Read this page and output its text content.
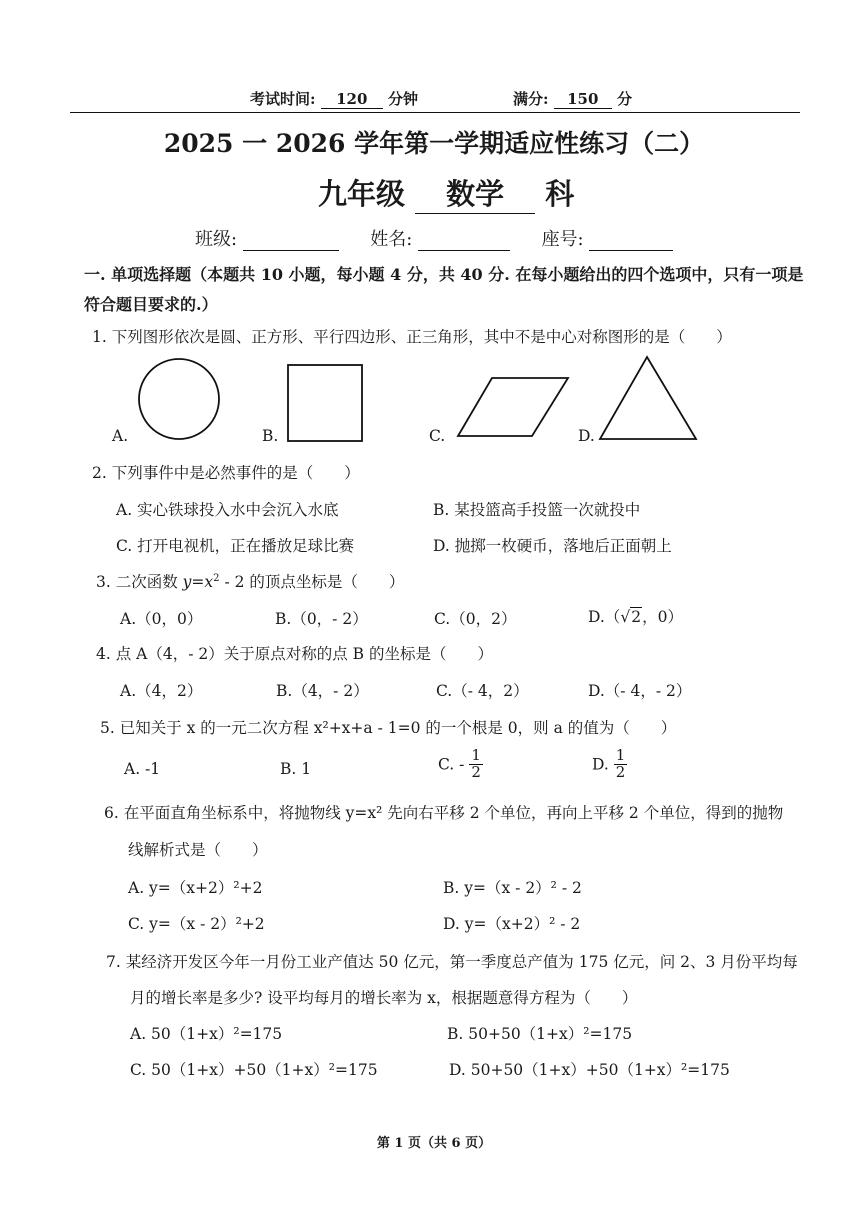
考试时间: 120 分钟	满分: 150 分
2025 一 2026 学年第一学期适应性练习（二）
九年级 数学 科
班级:	姓名:	座号:
一. 单项选择题（本题共 10 小题，每小题 4 分，共 40 分. 在每小题给出的四个选项中，只有一项是
符合题目要求的.）
1. 下列图形依次是圆、正方形、平行四边形、正三角形，其中不是中心对称图形的是（　　）
A.	B.	C.	D.
2. 下列事件中是必然事件的是（　　）
A. 实心铁球投入水中会沉入水底	B. 某投篮高手投篮一次就投中
C. 打开电视机，正在播放足球比赛	D. 抛掷一枚硬币，落地后正面朝上
3. 二次函数 $y=x^2 - 2$ 的顶点坐标是（　　）
A.（0，0）	B.（0，- 2）	C.（0，2）	D.（√2，0）
4. 点 A（4，- 2）关于原点对称的点 B 的坐标是（　　）
A.（4，2）	B.（4，- 2）	C.（- 4，2）	D.（- 4，- 2）
5. 已知关于 x 的一元二次方程 x²+x+a - 1=0 的一个根是 0，则 a 的值为（　　）
A. -1	B. 1	C. - $\frac{1}{2}$	D. $\frac{1}{2}$
6. 在平面直角坐标系中，将抛物线 y=x² 先向右平移 2 个单位，再向上平移 2 个单位，得到的抛物
线解析式是（　　）
A. y=（x+2）²+2	B. y=（x - 2）² - 2
C. y=（x - 2）²+2	D. y=（x+2）² - 2
7. 某经济开发区今年一月份工业产值达 50 亿元，第一季度总产值为 175 亿元，问 2、3 月份平均每
月的增长率是多少? 设平均每月的增长率为 x，根据题意得方程为（　　）
A. 50（1+x）²=175	B. 50+50（1+x）²=175
C. 50（1+x）+50（1+x）²=175	D. 50+50（1+x）+50（1+x）²=175
第 1 页（共 6 页）
